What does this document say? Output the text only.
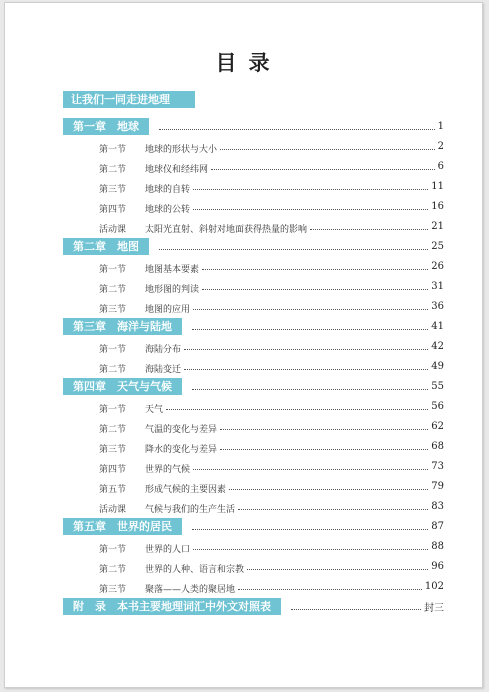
目录
让我们一同走进地理
第一章　地球	1
第一节 地球的形状与大小	2
第二节 地球仪和经纬网	6
第三节 地球的自转	11
第四节 地球的公转	16
活动课 太阳光直射、斜射对地面获得热量的影响	21
第二章　地图	25
第一节 地图基本要素	26
第二节 地形图的判读	31
第三节 地图的应用	36
第三章　海洋与陆地	41
第一节 海陆分布	42
第二节 海陆变迁	49
第四章　天气与气候	55
第一节 天气	56
第二节 气温的变化与差异	62
第三节 降水的变化与差异	68
第四节 世界的气候	73
第五节 形成气候的主要因素	79
活动课 气候与我们的生产生活	83
第五章　世界的居民	87
第一节 世界的人口	88
第二节 世界的人种、语言和宗教	96
第三节 聚落——人类的聚居地	102
附　录　本书主要地理词汇中外文对照表	封三
